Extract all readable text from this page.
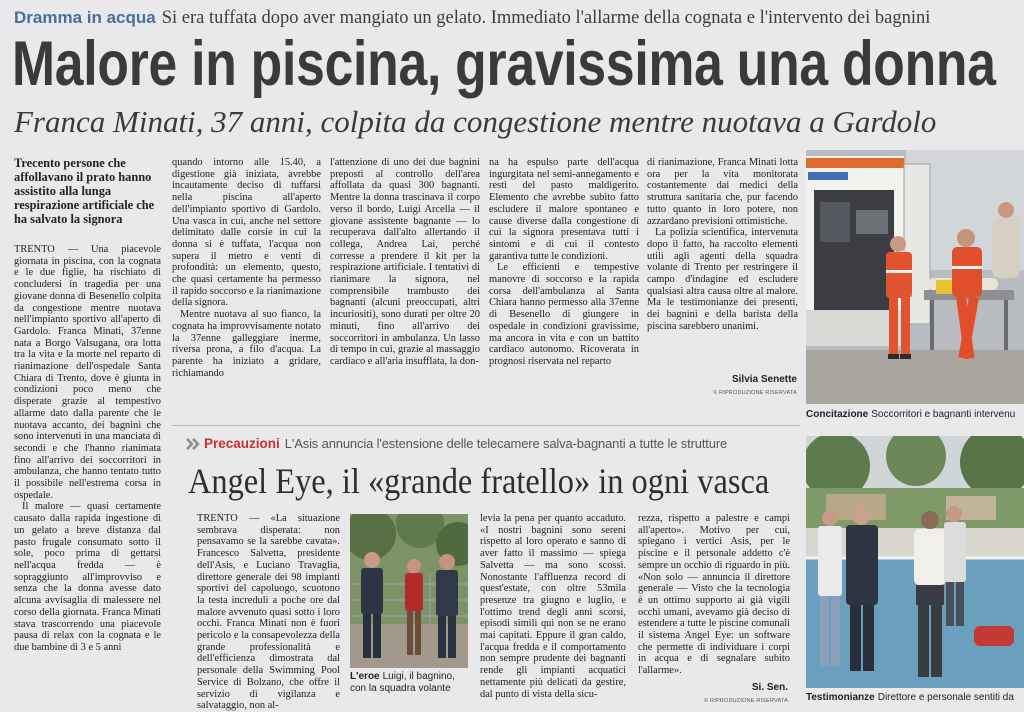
Dramma in acqua Si era tuffata dopo aver mangiato un gelato. Immediato l'allarme della cognata e l'intervento dei bagnini
Malore in piscina, gravissima una donna
Franca Minati, 37 anni, colpita da congestione mentre nuotava a Gardolo
Trecento persone che affollavano il prato hanno assistito alla lunga respirazione artificiale che ha salvato la signora

TRENTO — Una piacevole giornata in piscina, con la cognata e le due figlie, ha rischiato di concludersi in tragedia per una giovane donna di Besenello colpita da congestione mentre nuotava nell'impianto sportivo all'aperto di Gardolo. Franca Minati, 37enne nata a Borgo Valsugana, ora lotta tra la vita e la morte nel reparto di rianimazione dell'ospedale Santa Chiara di Trento, dove è giunta in condizioni poco meno che disperate grazie al tempestivo allarme dato dalla parente che le nuotava accanto, dei bagnini che sono intervenuti in una manciata di secondi e che l'hanno rianimata fino all'arrivo dei soccorritori in ambulanza, che hanno tentato tutto il possibile nell'estrema corsa in ospedale.

Il malore — quasi certamente causato dalla rapida ingestione di un gelato a breve distanza dal pasto frugale consumato sotto il sole, poco prima di gettarsi nell'acqua fredda — è sopraggiunto all'improvviso e senza che la donna avesse dato alcuna avvisaglia di malessere nel corso della giornata. Franca Minati stava trascorrendo una piacevole pausa di relax con la cognata e le due bambine di 3 e 5 anni

quando intorno alle 15.40, a digestione già iniziata, avrebbe incautamente deciso di tuffarsi nella piscina all'aperto dell'impianto sportivo di Gardolo. Una vasca in cui, anche nel settore delimitato dalle corsie in cui la donna si è tuffata, l'acqua non supera il metro e venti di profondità: un elemento, questo, che quasi certamente ha permesso il rapido soccorso e la rianimazione della signora.

Mentre nuotava al suo fianco, la cognata ha improvvisamente notato la 37enne galleggiare inerme, riversa prona, a filo d'acqua. La parente ha iniziato a gridare, richiamando

l'attenzione di uno dei due bagnini preposti al controllo dell'area affollata da quasi 300 bagnanti. Mentre la donna trascinava il corpo verso il bordo, Luigi Arcella — il giovane assistente bagnante — lo recuperava dall'alto allertando il collega, Andrea Lai, perché corresse a prendere il kit per la respirazione artificiale. I tentativi di rianimare la signora, nel comprensibile trambusto dei bagnanti (alcuni preoccupati, altri incuriositi), sono durati per oltre 20 minuti, fino all'arrivo dei soccorritori in ambulanza. Un lasso di tempo in cui, grazie al massaggio cardiaco e all'aria insufflata, la don-

na ha espulso parte dell'acqua ingurgitata nel semi-annegamento e resti del pasto maldigerito. Elemento che avrebbe subito fatto escludere il malore spontaneo e cause diverse dalla congestione di cui la signora presentava tutti i sintomi e di cui il contesto garantiva tutte le condizioni.

Le efficienti e tempestive manovre di soccorso e la rapida corsa dell'ambulanza al Santa Chiara hanno permesso alla 37enne di Besenello di giungere in ospedale in condizioni gravissime, ma ancora in vita e con un battito cardiaco autonomo. Ricoverata in prognosi riservata nel reparto

di rianimazione, Franca Minati lotta ora per la vita monitorata costantemente dai medici della struttura sanitaria che, pur facendo tutto quanto in loro potere, non azzardano previsioni ottimistiche.

La polizia scientifica, intervenuta dopo il fatto, ha raccolto elementi utili agli agenti della squadra volante di Trento per restringere il campo d'indagine ed escludere qualsiasi altra causa oltre al malore. Ma le testimonianze dei presenti, dei bagnini e della barista della piscina sarebbero unanimi.

Silvia Senette
© RIPRODUZIONE RISERVATA
Concitazione Soccorritori e bagnanti intervenu
Precauzioni L'Asis annuncia l'estensione delle telecamere salva-bagnanti a tutte le strutture
Angel Eye, il «grande fratello» in ogni vasca

TRENTO — «La situazione sembrava disperata: non pensavamo se la sarebbe cavata». Francesco Salvetta, presidente dell'Asis, e Luciano Travaglia, direttore generale dei 98 impianti sportivi del capoluogo, scuotono la testa increduli a poche ore dal malore avvenuto quasi sotto i loro occhi. Franca Minati non è fuori pericolo e la consapevolezza della grande professionalità e dell'efficienza dimostrata dal personale della Swimming Pool Service di Bolzano, che offre il servizio di vigilanza e salvataggio, non al-

L'eroe Luigi, il bagnino, con la squadra volante

levia la pena per quanto accaduto. «I nostri bagnini sono sereni rispetto al loro operato e sanno di aver fatto il massimo — spiega Salvetta — ma sono scossi. Nonostante l'affluenza record di quest'estate, con oltre 53mila presenze tra giugno e luglio, e l'ottimo trend degli anni scorsi, episodi simili qui non se ne erano mai capitati. Eppure il gran caldo, l'acqua fredda e il comportamento non sempre prudente dei bagnanti rende gli impianti acquatici nettamente più delicati da gestire, dal punto di vista della sicu-

rezza, rispetto a palestre e campi all'aperto». Motivo per cui, spiegano i vertici Asis, per le piscine e il personale addetto c'è sempre un occhio di riguardo in più. «Non solo — annuncia il direttore generale — Visto che la tecnologia è un ottimo supporto ai già vigili occhi umani, avevamo già deciso di estendere a tutte le piscine comunali il sistema Angel Eye: un software che permette di individuare i corpi in acqua e di segnalare subito l'allarme».

Si. Sen.
© RIPRODUZIONE RISERVATA Testimonianze Direttore e personale sentiti da
